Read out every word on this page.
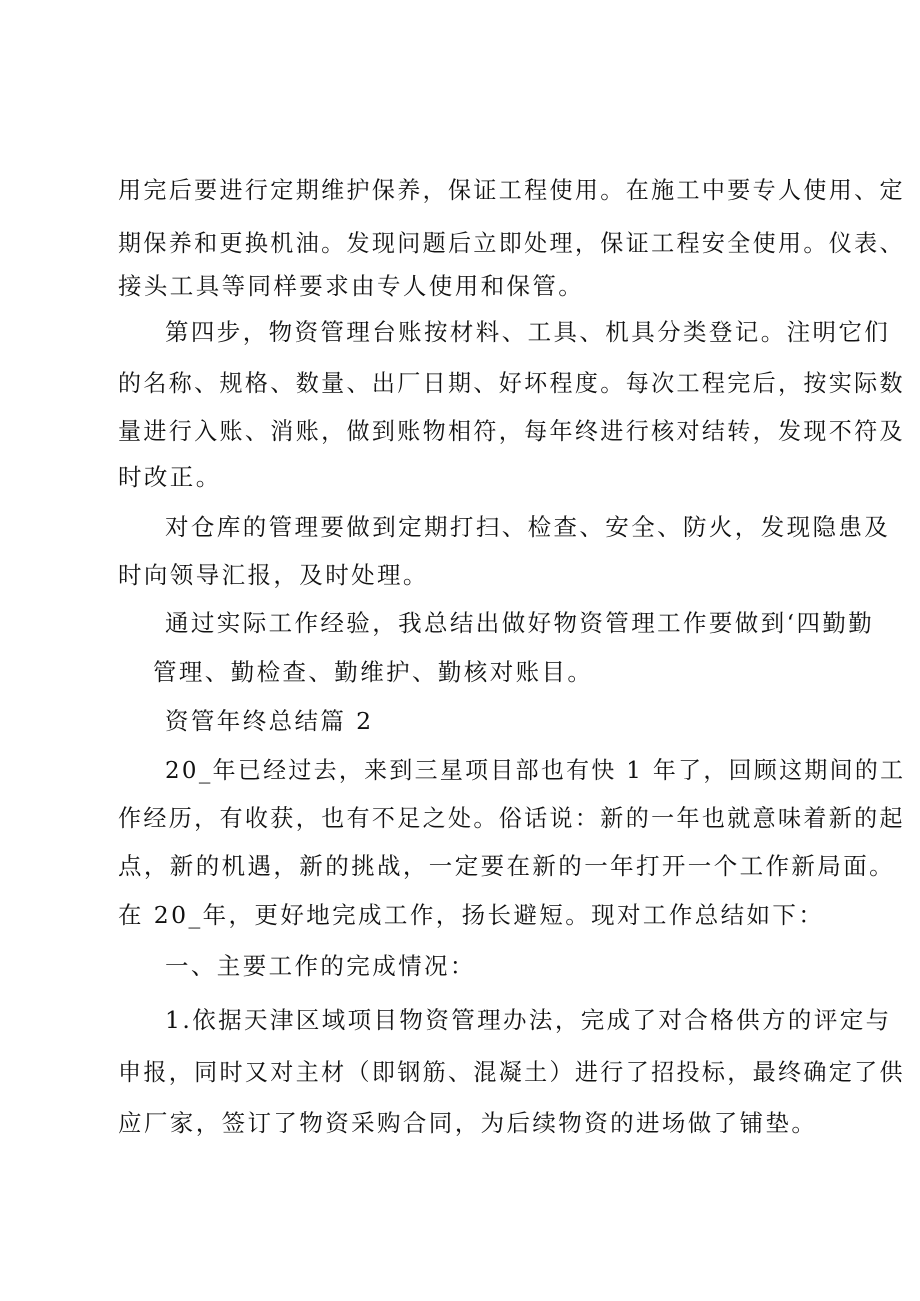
用完后要进行定期维护保养，保证工程使用。在施工中要专人使用、定
期保养和更换机油。发现问题后立即处理，保证工程安全使用。仪表、
接头工具等同样要求由专人使用和保管。
第四步，物资管理台账按材料、工具、机具分类登记。注明它们
的名称、规格、数量、出厂日期、好坏程度。每次工程完后，按实际数
量进行入账、消账，做到账物相符，每年终进行核对结转，发现不符及
时改正。
对仓库的管理要做到定期打扫、检查、安全、防火，发现隐患及
时向领导汇报，及时处理。
通过实际工作经验，我总结出做好物资管理工作要做到‘四勤勤
管理、勤检查、勤维护、勤核对账目。
资管年终总结篇 2
20_年已经过去，来到三星项目部也有快 1 年了，回顾这期间的工
作经历，有收获，也有不足之处。俗话说：新的一年也就意味着新的起
点，新的机遇，新的挑战，一定要在新的一年打开一个工作新局面。
在 20_年，更好地完成工作，扬长避短。现对工作总结如下：
一、主要工作的完成情况：
1.依据天津区域项目物资管理办法，完成了对合格供方的评定与
申报，同时又对主材（即钢筋、混凝土）进行了招投标，最终确定了供
应厂家，签订了物资采购合同，为后续物资的进场做了铺垫。
